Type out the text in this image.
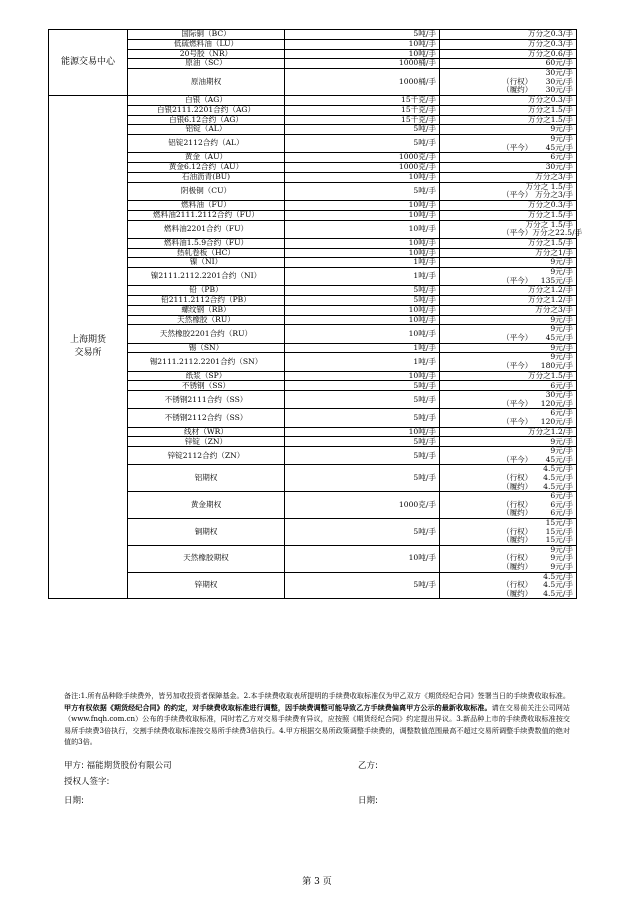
能源交易中心	国际铜（BC）	5吨/手	万分之0.3/手

	低硫燃料油（LU）	10吨/手	万分之0.3/手

	20号胶（NR）	10吨/手	万分之0.6/手

	原油（SC）	1000桶/手	60元/手

	原油期权	1000桶/手	30元/手
（行权） 30元/手
（履约） 30元/手

上海期货
交易所	白银（AG）	15千克/手	万分之0.3/手

	白银2111.2201合约（AG）	15千克/手	万分之1.5/手

	白银6.12合约（AG）	15千克/手	万分之1.5/手

	铝锭（AL）	5吨/手	9元/手

	铝锭2112合约（AL）	5吨/手	9元/手
（平今） 45元/手

	黄金（AU）	1000克/手	6元/手

	黄金6.12合约（AU）	1000克/手	30元/手

	石油沥青(BU)	10吨/手	万分之3/手

	阴极铜（CU）	5吨/手	万分之 1.5/手
（平今） 万分之3/手

	燃料油（FU）	10吨/手	万分之0.3/手

	燃料油2111.2112合约（FU）	10吨/手	万分之1.5/手

	燃料油2201合约（FU）	10吨/手	万分之 1.5/手
（平今） 万分之22.5/手

	燃料油1.5.9合约（FU）	10吨/手	万分之1.5/手

	热轧卷板（HC）	10吨/手	万分之1/手

	镍（NI）	1吨/手	9元/手

	镍2111.2112.2201合约（NI）	1吨/手	9元/手
（平今） 135元/手

	铅（PB）	5吨/手	万分之1.2/手

	铅2111.2112合约（PB）	5吨/手	万分之1.2/手

	螺纹钢（RB）	10吨/手	万分之3/手

	天然橡胶（RU）	10吨/手	9元/手

	天然橡胶2201合约（RU）	10吨/手	9元/手
（平今） 45元/手

	锡（SN）	1吨/手	9元/手

	锡2111.2112.2201合约（SN）	1吨/手	9元/手
（平今） 180元/手

	纸浆（SP）	10吨/手	万分之1.5/手

	不锈钢（SS）	5吨/手	6元/手

	不锈钢2111合约（SS）	5吨/手	30元/手
（平今） 120元/手

	不锈钢2112合约（SS）	5吨/手	6元/手
（平今） 120元/手

	线材（WR）	10吨/手	万分之1.2/手

	锌锭（ZN）	5吨/手	9元/手

	锌锭2112合约（ZN）	5吨/手	9元/手
（平今） 45元/手

	铝期权	5吨/手	4.5元/手
（行权） 4.5元/手
（履约） 4.5元/手

	黄金期权	1000克/手	6元/手
（行权） 6元/手
（履约） 6元/手

	铜期权	5吨/手	15元/手
（行权） 15元/手
（履约） 15元/手

	天然橡胶期权	10吨/手	9元/手
（行权） 9元/手
（履约） 9元/手

	锌期权	5吨/手	4.5元/手
（行权） 4.5元/手
（履约） 4.5元/手
备注:1.所有品种除手续费外，皆另加收投资者保障基金。2.本手续费收取表所提明的手续费收取标准仅为甲乙双方《期货经纪合同》签署当日的手续费收取标准。甲方有权依据《期货经纪合同》的约定，对手续费收取标准进行调整，因手续费调整可能导致乙方手续费偏离甲方公示的最新收取标准。请在交易前关注公司网站（www.fnqh.com.cn）公布的手续费收取标准，同时若乙方对交易手续费有异议，应按照《期货经纪合同》约定提出异议。3.新品种上市的手续费收取标准按交易所手续费3倍执行，交割手续费收取标准按交易所手续费3倍执行。4.甲方根据交易所政策调整手续费的，调整数值范围最高不超过交易所调整手续费数值的绝对值的3倍。
甲方: 福能期货股份有限公司	乙方:
授权人签字:
日期:	日期:
第 3 页
